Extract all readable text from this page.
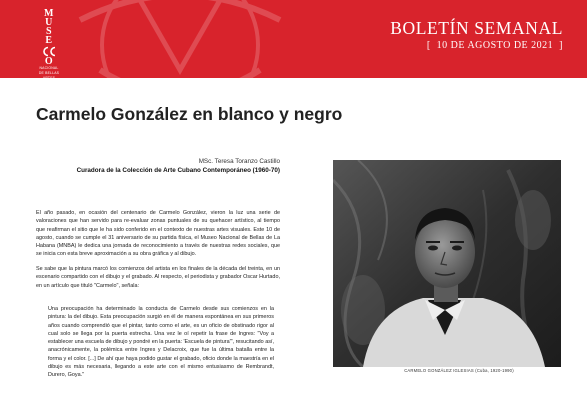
M
U
S
E
O
NACIONAL
DE BELLAS
ARTES
BOLETÍN SEMANAL
[  10 DE AGOSTO DE 2021  ]
Carmelo González en blanco y negro
MSc. Teresa Toranzo Castillo
Curadora de la Colección de Arte Cubano Contemporáneo (1960-70)

El año pasado, en ocasión del centenario de Carmelo González, vieron la luz una serie de valoraciones que han servido para re-evaluar zonas puntuales de su quehacer artístico, al tiempo que reafirman el sitio que le ha sido conferido en el contexto de nuestras artes visuales. Este 10 de agosto, cuando se cumple el 31 aniversario de su partida física, el Museo Nacional de Bellas de La Habana (MNBA) le dedica una jornada de reconocimiento a través de nuestras redes sociales, que se inicia con esta breve aproximación a su obra gráfica y al dibujo.

Se sabe que la pintura marcó los comienzos del artista en los finales de la década del treinta, en un escenario compartido con el dibujo y el grabado. Al respecto, el periodista y grabador Oscar Hurtado, en un artículo que tituló "Carmelo", señala:

Una preocupación ha determinado la conducta de Carmelo desde sus comienzos en la pintura: la del dibujo. Esta preocupación surgió en él de manera espontánea en sus primeros años cuando comprendió que el pintar, tanto como el arte, es un oficio de obstinado rigor al cual solo se llega por la puerta estrecha. Una vez le oí repetir la frase de Ingres: "Voy a establecer una escuela de dibujo y pondré en la puerta: 'Escuela de pintura'", resucitando así, anacrónicamente, la polémica entre Ingres y Delacroix, que fue la última batalla entre la forma y el color. [...] De ahí que haya podido gustar el grabado, oficio donde la maestría en el dibujo es más necesaria, llegando a este arte con el mismo entusiasmo de Rembrandt, Durero, Goya."

CARMELO GONZÁLEZ IGLESIAS (Cuba, 1920-1990)
